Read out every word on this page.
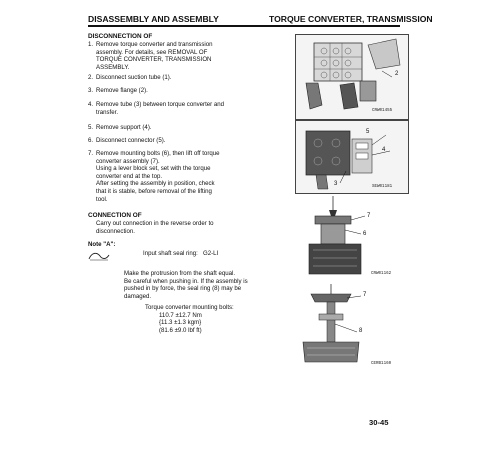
DISASSEMBLY AND ASSEMBLY	TORQUE CONVERTER, TRANSMISSION
DISCONNECTION OF
1. Remove torque converter and transmission
assembly. For details, see REMOVAL OF
TORQUE CONVERTER, TRANSMISSION
ASSEMBLY.
2. Disconnect suction tube (1).
3. Remove flange (2).
4. Remove tube (3) between torque converter and
transfer.
5. Remove support (4).
6. Disconnect connector (5).
7. Remove mounting bolts (6), then lift off torque
converter assembly (7).
Using a lever block set, set with the torque
converter end at the top.
After setting the assembly in position, check
that it is stable, before removal of the lifting
tool.
CONNECTION OF
Carry out connection in the reverse order to
disconnection.
Note "A":
Input shaft seal ring: G2-LI
Make the protrusion from the shaft equal.
Be careful when pushing in. If the assembly is
pushed in by force, the seal ring (8) may be
damaged.
Torque converter mounting bolts:
110.7 ±12.7 Nm
{11.3 ±1.3 kgm}
(81.6 ±9.0 lbf ft)
2
CRW01455
5
4
3	SEW01181
7
6
CRW01162
7
8
CERB1160
30-45
